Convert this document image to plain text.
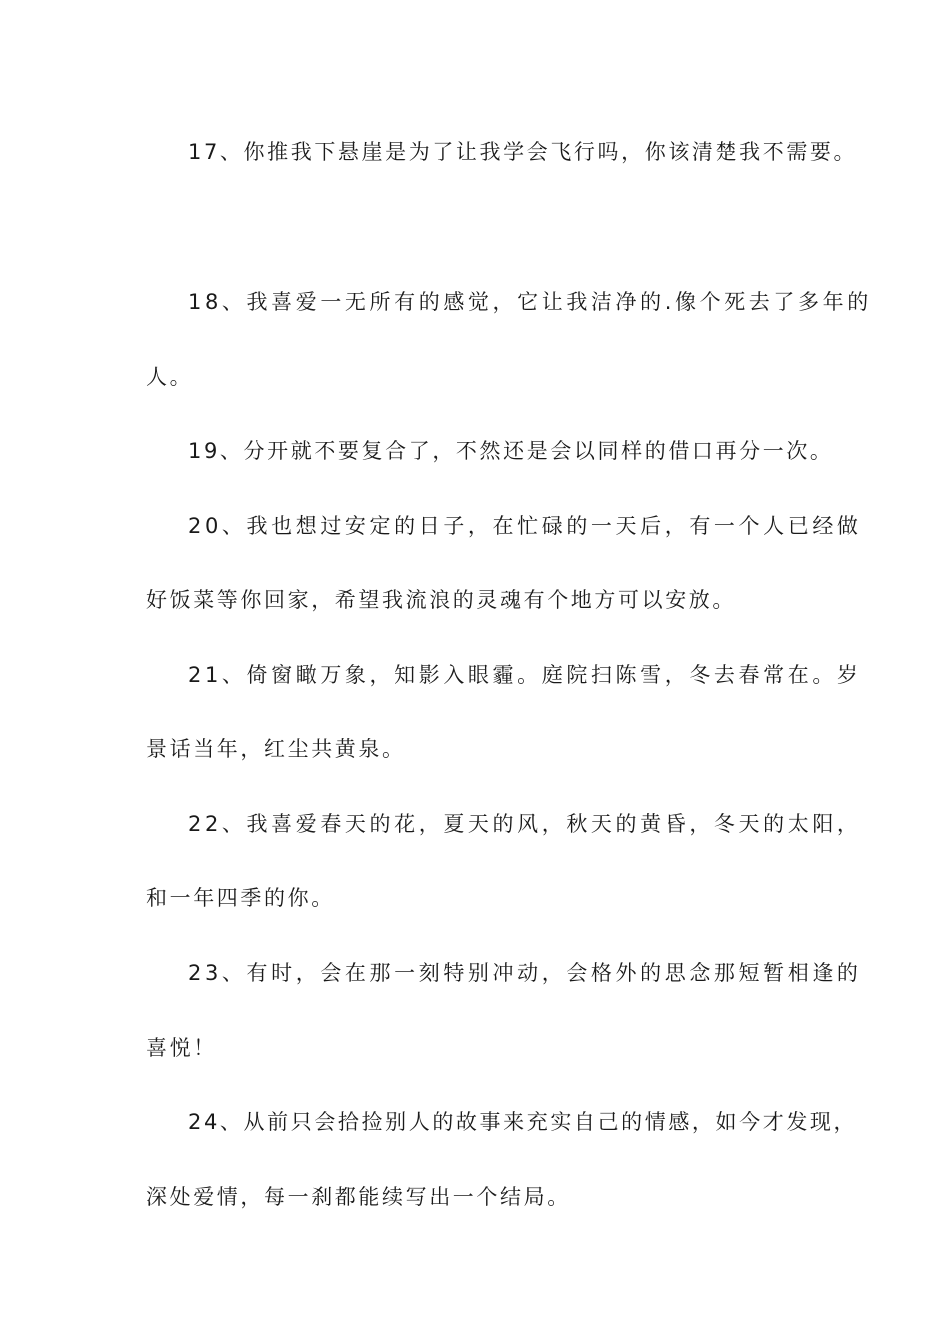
17、你推我下悬崖是为了让我学会飞行吗，你该清楚我不需要。
18、我喜爱一无所有的感觉，它让我洁净的.像个死去了多年的
人。
19、分开就不要复合了，不然还是会以同样的借口再分一次。
20、我也想过安定的日子，在忙碌的一天后，有一个人已经做
好饭菜等你回家，希望我流浪的灵魂有个地方可以安放。
21、倚窗瞰万象，知影入眼霾。庭院扫陈雪，冬去春常在。岁
景话当年，红尘共黄泉。
22、我喜爱春天的花，夏天的风，秋天的黄昏，冬天的太阳，
和一年四季的你。
23、有时，会在那一刻特别冲动，会格外的思念那短暂相逢的
喜悦！
24、从前只会拾捡别人的故事来充实自己的情感，如今才发现，
深处爱情，每一刹都能续写出一个结局。
